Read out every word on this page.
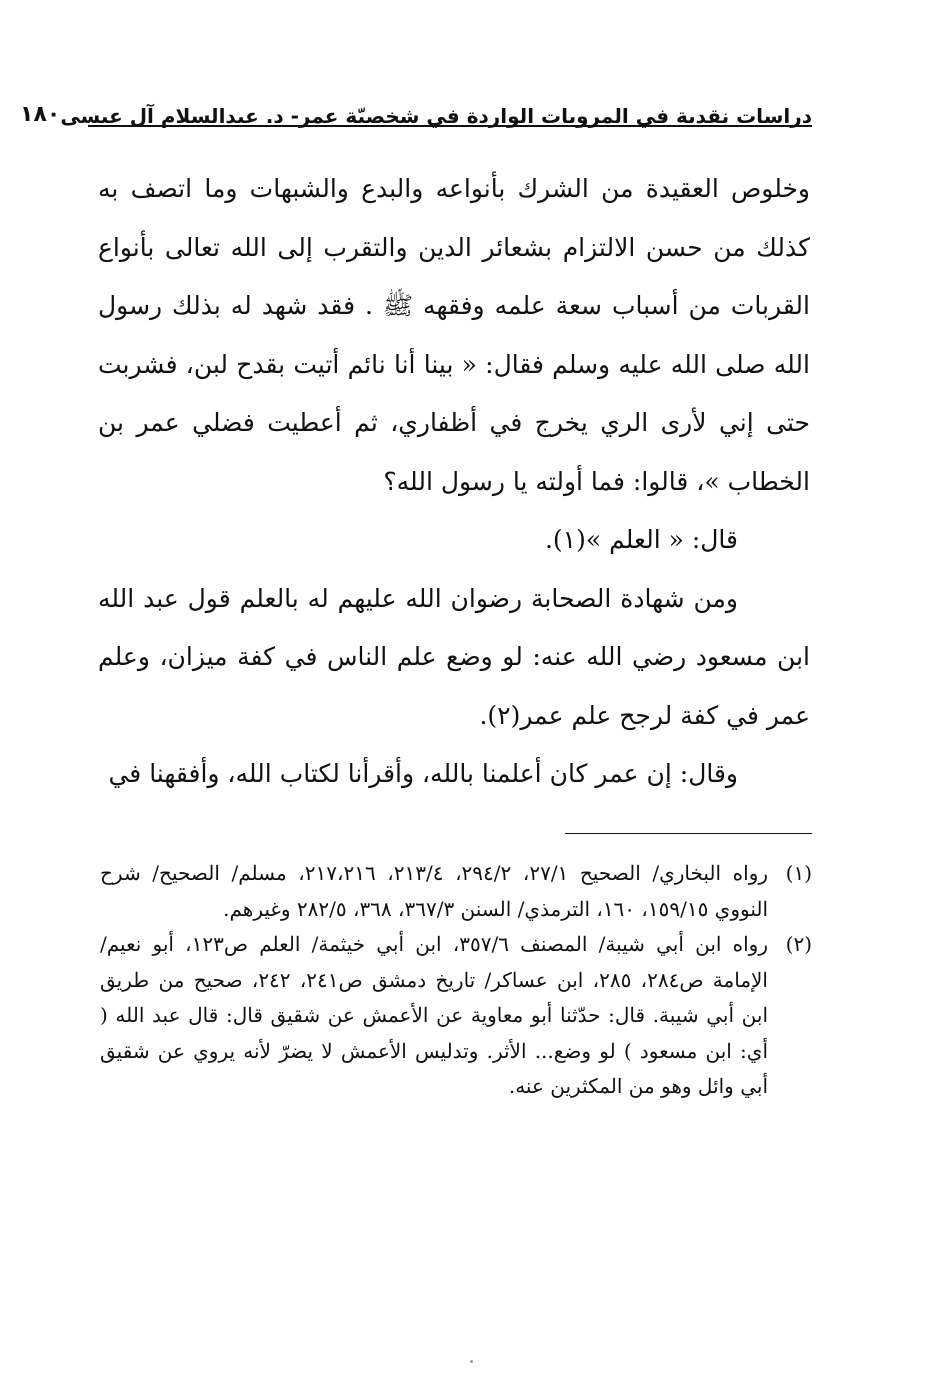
دراسات نقدية في المرويات الواردة في شخصيّة عمر- د. عبدالسلام آل عيسى
١٨٠

وخلوص العقيدة من الشرك بأنواعه والبدع والشبهات وما اتصف به كذلك من حسن الالتزام بشعائر الدين والتقرب إلى الله تعالى بأنواع القربات من أسباب سعة علمه وفقهه ﷺ . فقد شهد له بذلك رسول الله صلى الله عليه وسلم فقال: « بينا أنا نائم أتيت بقدح لبن، فشربت حتى إني لأرى الري يخرج في أظفاري، ثم أعطيت فضلي عمر بن الخطاب »، قالوا: فما أولته يا رسول الله؟

قال: « العلم »(١).

ومن شهادة الصحابة رضوان الله عليهم له بالعلم قول عبد الله ابن مسعود رضي الله عنه: لو وضع علم الناس في كفة ميزان، وعلم عمر في كفة لرجح علم عمر(٢).

وقال: إن عمر كان أعلمنا بالله، وأقرأنا لكتاب الله، وأفقهنا في

(١)
رواه البخاري/ الصحيح ٢٧/١، ٢٩٤/٢، ٢١٣/٤، ٢١٧،٢١٦، مسلم/ الصحيح/ شرح النووي ١٥٩/١٥، ١٦٠، الترمذي/ السنن ٣٦٧/٣، ٣٦٨، ٢٨٢/٥ وغيرهم.
(٢)
رواه ابن أبي شيبة/ المصنف ٣٥٧/٦، ابن أبي خيثمة/ العلم ص١٢٣، أبو نعيم/ الإمامة ص٢٨٤، ٢٨٥، ابن عساكر/ تاريخ دمشق ص٢٤١، ٢٤٢، صحيح من طريق ابن أبي شيبة. قال: حدّثنا أبو معاوية عن الأعمش عن شقيق قال: قال عبد الله ( أي: ابن مسعود ) لو وضع... الأثر. وتدليس الأعمش لا يضرّ لأنه يروي عن شقيق أبي وائل وهو من المكثرين عنه.
